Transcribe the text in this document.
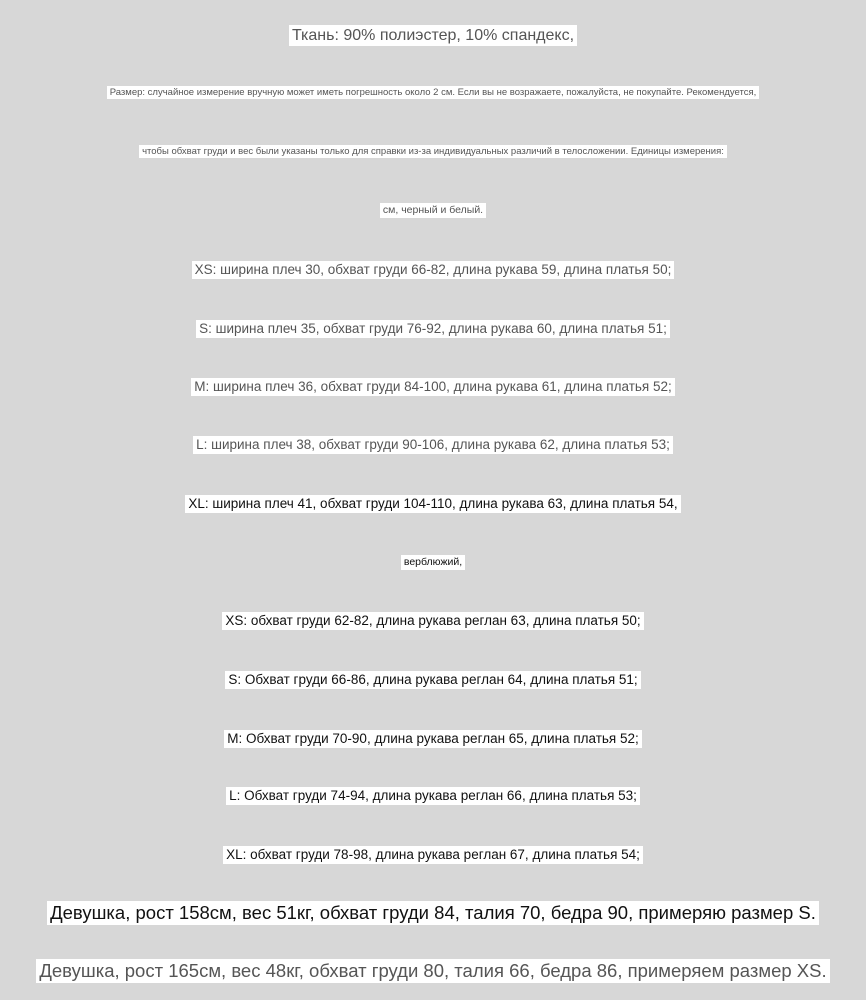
Ткань: 90% полиэстер, 10% спандекс,
Размер: случайное измерение вручную может иметь погрешность около 2 см. Если вы не возражаете, пожалуйста, не покупайте. Рекомендуется,
чтобы обхват груди и вес были указаны только для справки из-за индивидуальных различий в телосложении. Единицы измерения:
см, черный и белый.
XS: ширина плеч 30, обхват груди 66-82, длина рукава 59, длина платья 50;
S: ширина плеч 35, обхват груди 76-92, длина рукава 60, длина платья 51;
M: ширина плеч 36, обхват груди 84-100, длина рукава 61, длина платья 52;
L: ширина плеч 38, обхват груди 90-106, длина рукава 62, длина платья 53;
XL: ширина плеч 41, обхват груди 104-110, длина рукава 63, длина платья 54,
верблюжий,
XS: обхват груди 62-82, длина рукава реглан 63, длина платья 50;
S: Обхват груди 66-86, длина рукава реглан 64, длина платья 51;
M: Обхват груди 70-90, длина рукава реглан 65, длина платья 52;
L: Обхват груди 74-94, длина рукава реглан 66, длина платья 53;
XL: обхват груди 78-98, длина рукава реглан 67, длина платья 54;
Девушка, рост 158см, вес 51кг, обхват груди 84, талия 70, бедра 90, примеряю размер S.
Девушка, рост 165см, вес 48кг, обхват груди 80, талия 66, бедра 86, примеряем размер XS.
